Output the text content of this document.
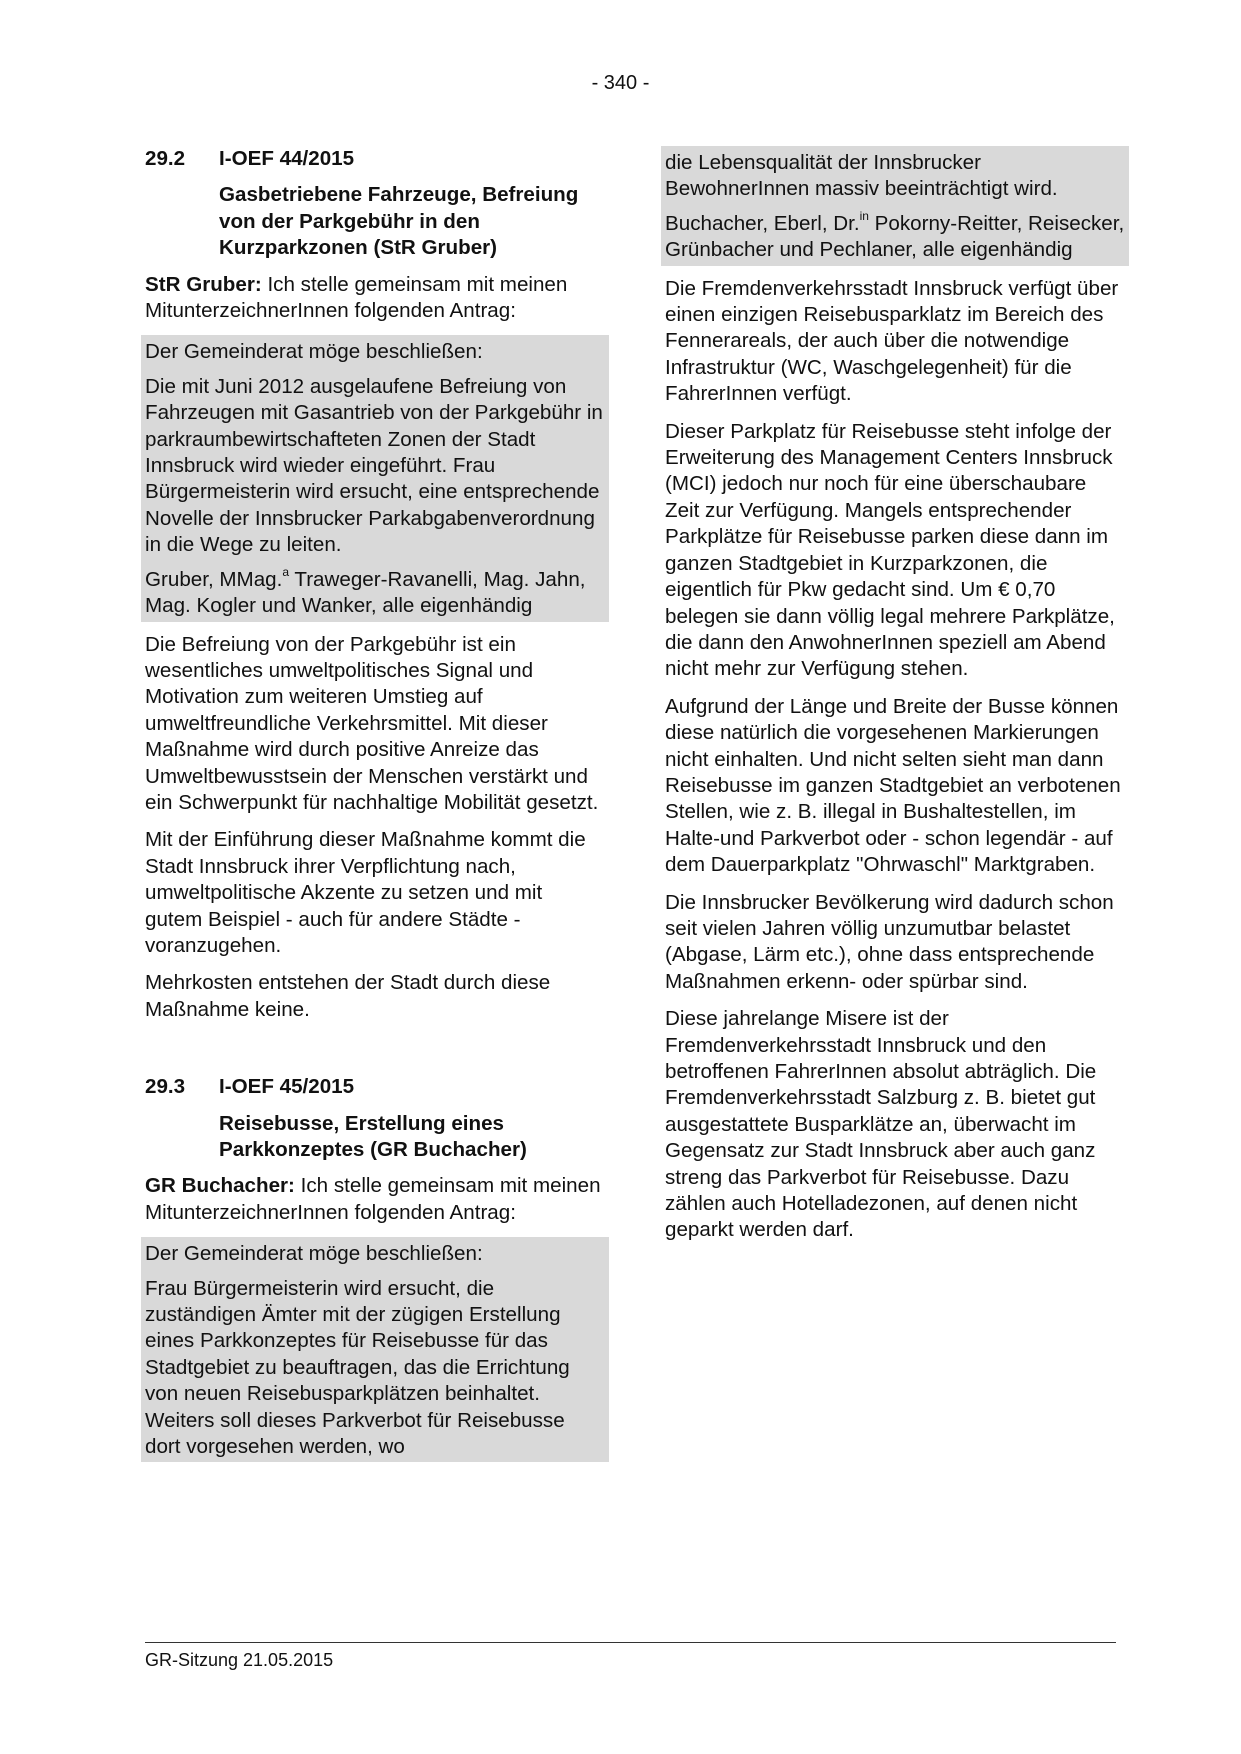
- 340 -
29.2	I-OEF 44/2015
Gasbetriebene Fahrzeuge, Befreiung von der Parkgebühr in den Kurzparkzonen (StR Gruber)

StR Gruber: Ich stelle gemeinsam mit meinen MitunterzeichnerInnen folgenden Antrag:

Der Gemeinderat möge beschließen:

Die mit Juni 2012 ausgelaufene Befreiung von Fahrzeugen mit Gasantrieb von der Parkgebühr in parkraumbewirtschafteten Zonen der Stadt Innsbruck wird wieder eingeführt. Frau Bürgermeisterin wird ersucht, eine entsprechende Novelle der Innsbrucker Parkabgabenverordnung in die Wege zu leiten.

Gruber, MMag.$^a$ Traweger-Ravanelli, Mag. Jahn, Mag. Kogler und Wanker, alle eigenhändig

Die Befreiung von der Parkgebühr ist ein wesentliches umweltpolitisches Signal und Motivation zum weiteren Umstieg auf umweltfreundliche Verkehrsmittel. Mit dieser Maßnahme wird durch positive Anreize das Umweltbewusstsein der Menschen verstärkt und ein Schwerpunkt für nachhaltige Mobilität gesetzt.

Mit der Einführung dieser Maßnahme kommt die Stadt Innsbruck ihrer Verpflichtung nach, umweltpolitische Akzente zu setzen und mit gutem Beispiel - auch für andere Städte - voranzugehen.

Mehrkosten entstehen der Stadt durch diese Maßnahme keine.

29.3	I-OEF 45/2015
Reisebusse, Erstellung eines Parkkonzeptes (GR Buchacher)

GR Buchacher: Ich stelle gemeinsam mit meinen MitunterzeichnerInnen folgenden Antrag:

Der Gemeinderat möge beschließen:

Frau Bürgermeisterin wird ersucht, die zuständigen Ämter mit der zügigen Erstellung eines Parkkonzeptes für Reisebusse für das Stadtgebiet zu beauftragen, das die Errichtung von neuen Reisebusparkplätzen beinhaltet. Weiters soll dieses Parkverbot für Reisebusse dort vorgesehen werden, wo

die Lebensqualität der Innsbrucker BewohnerInnen massiv beeinträchtigt wird.

Buchacher, Eberl, Dr.$^{in}$ Pokorny-Reitter, Reisecker, Grünbacher und Pechlaner, alle eigenhändig

Die Fremdenverkehrsstadt Innsbruck verfügt über einen einzigen Reisebusparklatz im Bereich des Fennerareals, der auch über die notwendige Infrastruktur (WC, Waschgelegenheit) für die FahrerInnen verfügt.

Dieser Parkplatz für Reisebusse steht infolge der Erweiterung des Management Centers Innsbruck (MCI) jedoch nur noch für eine überschaubare Zeit zur Verfügung. Mangels entsprechender Parkplätze für Reisebusse parken diese dann im ganzen Stadtgebiet in Kurzparkzonen, die eigentlich für Pkw gedacht sind. Um € 0,70 belegen sie dann völlig legal mehrere Parkplätze, die dann den AnwohnerInnen speziell am Abend nicht mehr zur Verfügung stehen.

Aufgrund der Länge und Breite der Busse können diese natürlich die vorgesehenen Markierungen nicht einhalten. Und nicht selten sieht man dann Reisebusse im ganzen Stadtgebiet an verbotenen Stellen, wie z. B. illegal in Bushaltestellen, im Halte-und Parkverbot oder - schon legendär - auf dem Dauerparkplatz "Ohrwaschl" Marktgraben.

Die Innsbrucker Bevölkerung wird dadurch schon seit vielen Jahren völlig unzumutbar belastet (Abgase, Lärm etc.), ohne dass entsprechende Maßnahmen erkenn- oder spürbar sind.

Diese jahrelange Misere ist der Fremdenverkehrsstadt Innsbruck und den betroffenen FahrerInnen absolut abträglich. Die Fremdenverkehrsstadt Salzburg z. B. bietet gut ausgestattete Busparklätze an, überwacht im Gegensatz zur Stadt Innsbruck aber auch ganz streng das Parkverbot für Reisebusse. Dazu zählen auch Hotelladezonen, auf denen nicht geparkt werden darf.

GR-Sitzung 21.05.2015
